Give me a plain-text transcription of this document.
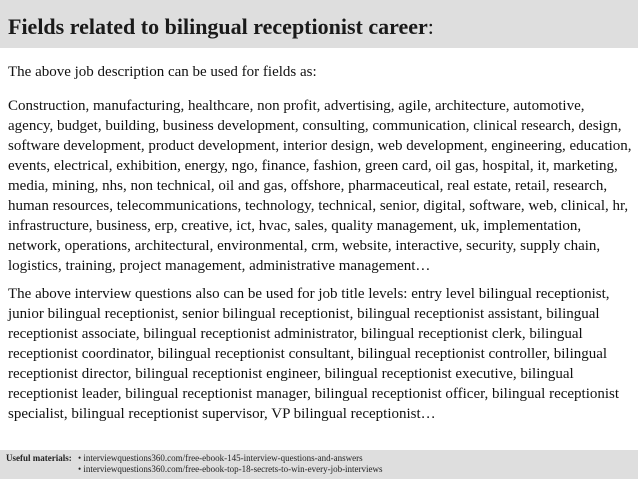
Fields related to bilingual receptionist career:

The above job description can be used for fields as:

Construction, manufacturing, healthcare, non profit, advertising, agile, architecture, automotive, agency, budget, building, business development, consulting, communication, clinical research, design, software development, product development, interior design, web development, engineering, education, events, electrical, exhibition, energy, ngo, finance, fashion, green card, oil gas, hospital, it, marketing, media, mining, nhs, non technical, oil and gas, offshore, pharmaceutical, real estate, retail, research, human resources, telecommunications, technology, technical, senior, digital, software, web, clinical, hr, infrastructure, business, erp, creative, ict, hvac, sales, quality management, uk, implementation, network, operations, architectural, environmental, crm, website, interactive, security, supply chain, logistics, training, project management, administrative management…

The above interview questions also can be used for job title levels: entry level bilingual receptionist, junior bilingual receptionist, senior bilingual receptionist, bilingual receptionist assistant, bilingual receptionist associate, bilingual receptionist administrator, bilingual receptionist clerk, bilingual receptionist coordinator, bilingual receptionist consultant, bilingual receptionist controller, bilingual receptionist director, bilingual receptionist engineer, bilingual receptionist executive, bilingual receptionist leader, bilingual receptionist manager, bilingual receptionist officer, bilingual receptionist specialist, bilingual receptionist supervisor, VP bilingual receptionist…

Useful materials: • interviewquestions360.com/free-ebook-145-interview-questions-and-answers
• interviewquestions360.com/free-ebook-top-18-secrets-to-win-every-job-interviews
